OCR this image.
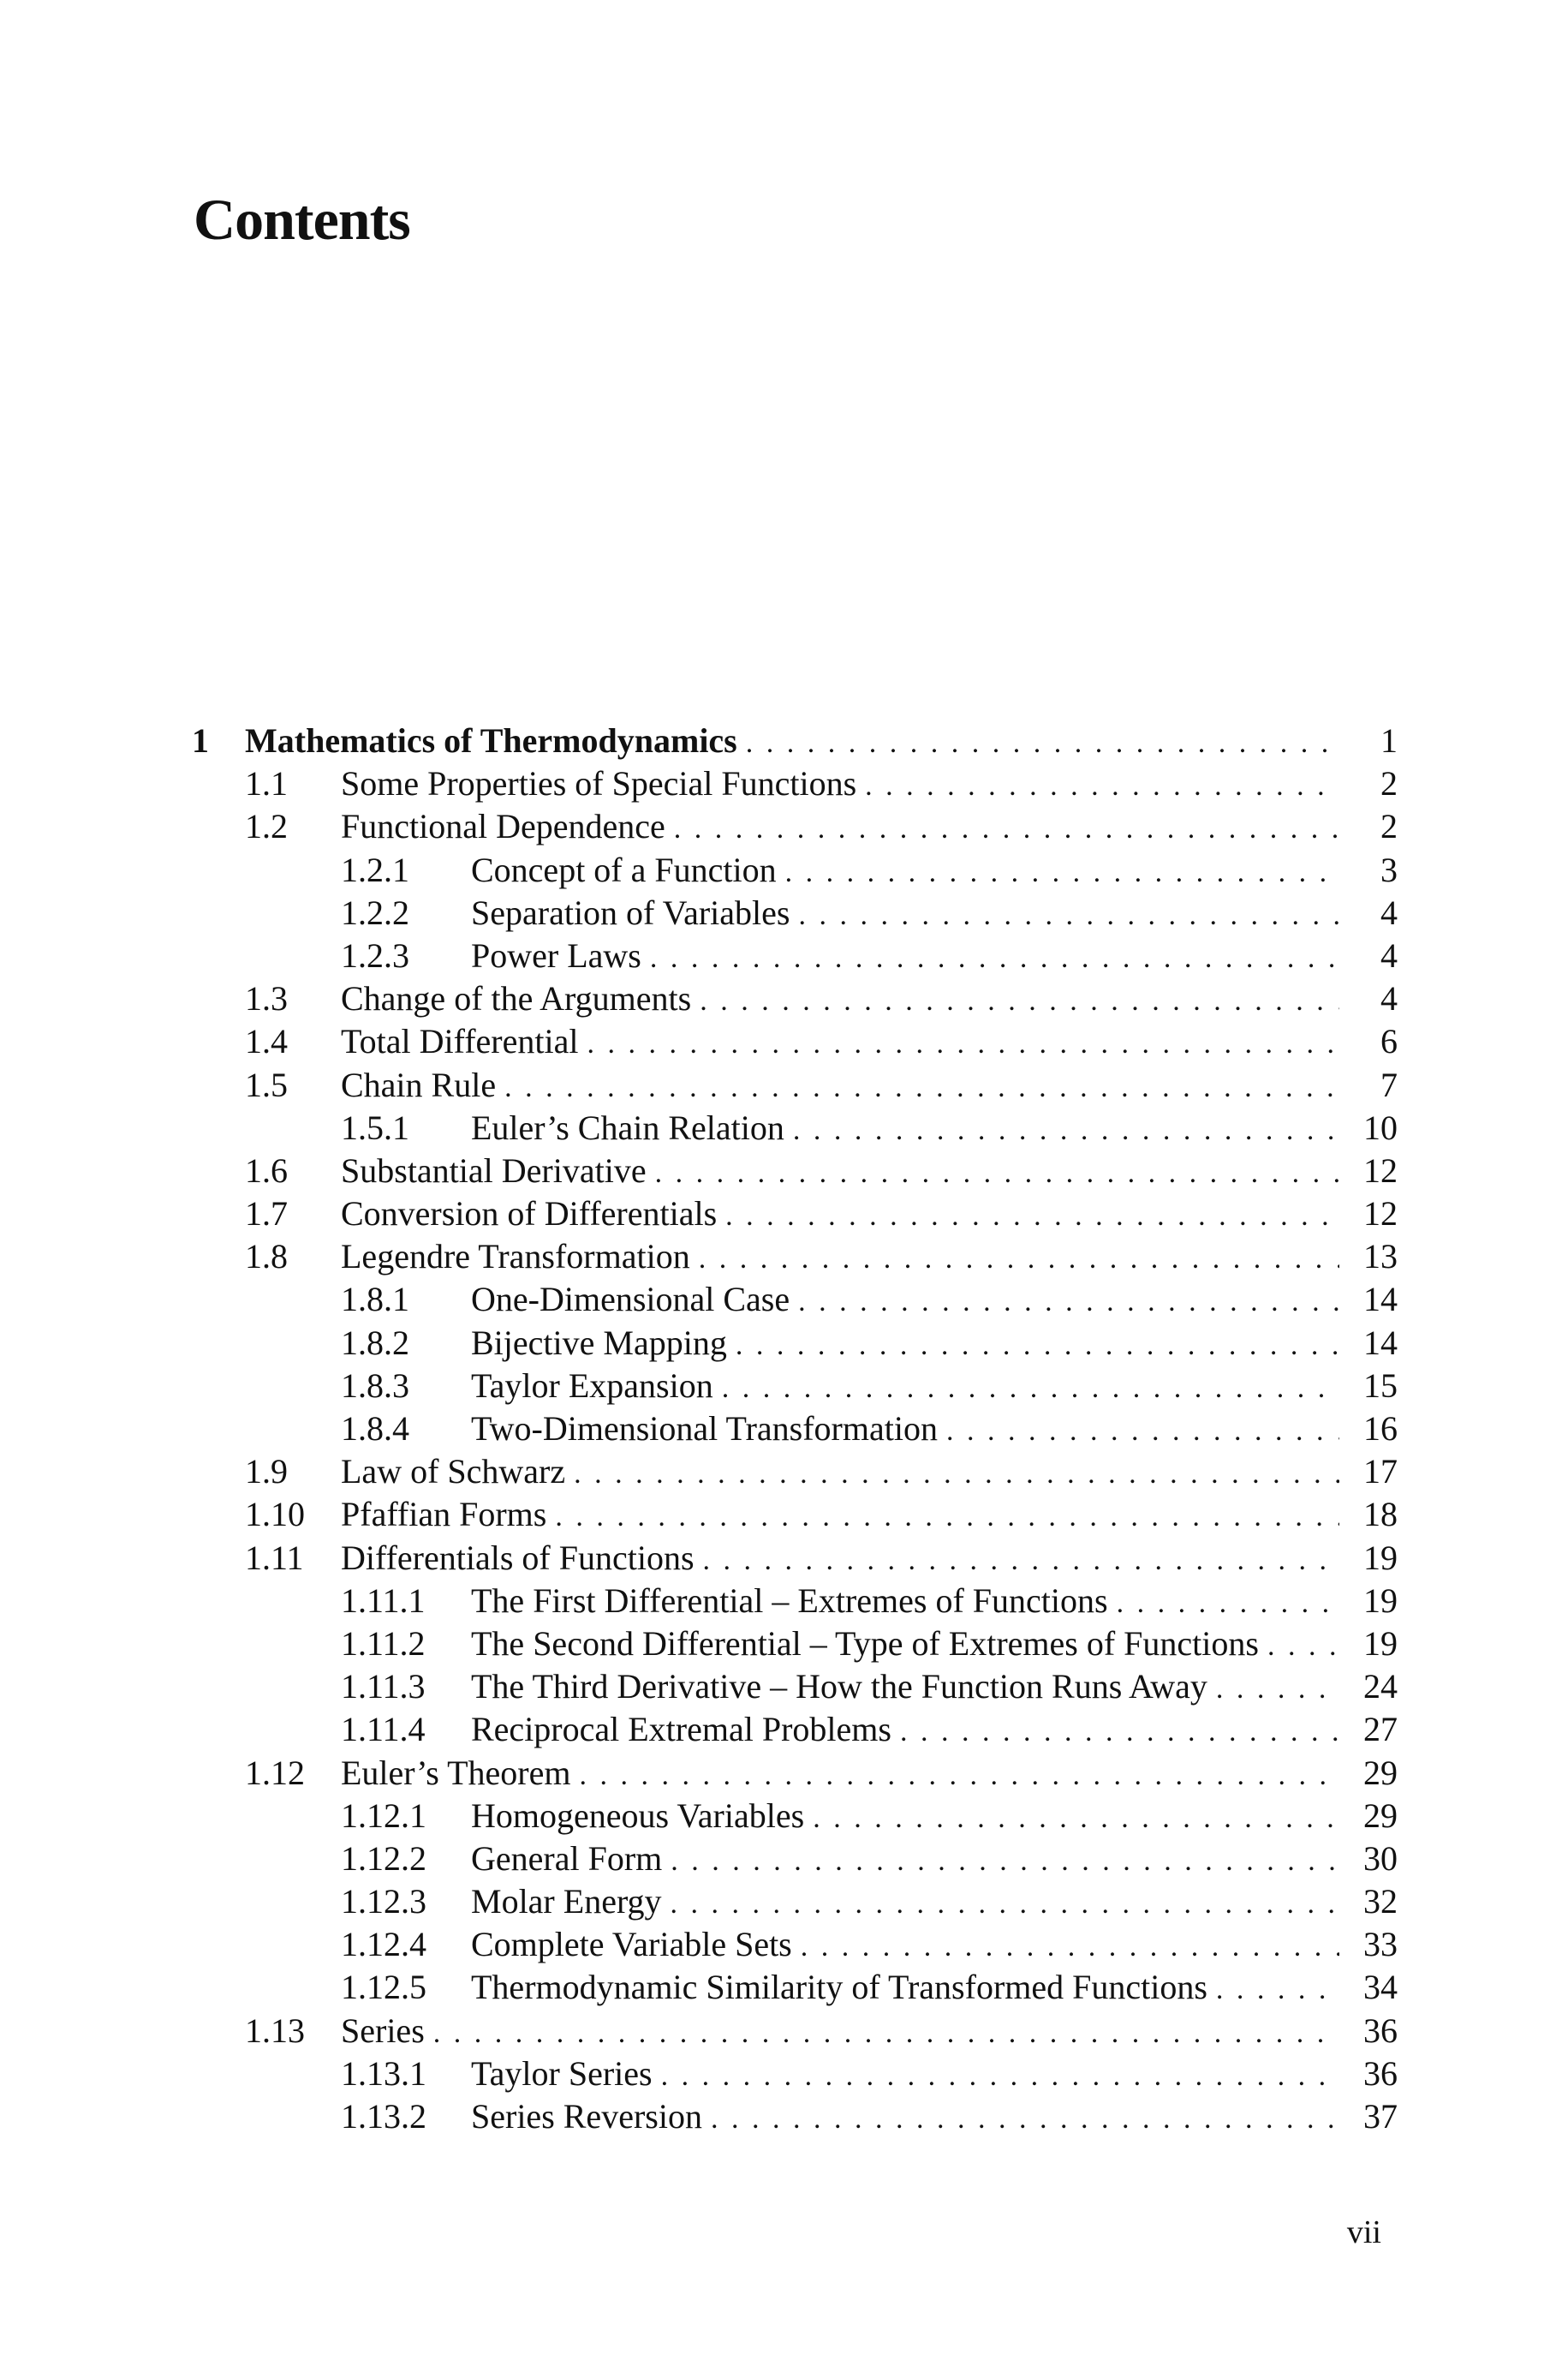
Contents
1 Mathematics of Thermodynamics . . .	1
1.1 Some Properties of Special Functions . . .	2
1.2 Functional Dependence . . .	2
1.2.1 Concept of a Function . . .	3
1.2.2 Separation of Variables . . .	4
1.2.3 Power Laws . . .	4
1.3 Change of the Arguments . . .	4
1.4 Total Differential . . .	6
1.5 Chain Rule . . .	7
1.5.1 Euler’s Chain Relation . . .	10
1.6 Substantial Derivative . . .	12
1.7 Conversion of Differentials . . .	12
1.8 Legendre Transformation . . .	13
1.8.1 One-Dimensional Case . . .	14
1.8.2 Bijective Mapping . . .	14
1.8.3 Taylor Expansion . . .	15
1.8.4 Two-Dimensional Transformation . . .	16
1.9 Law of Schwarz . . .	17
1.10 Pfaffian Forms . . .	18
1.11 Differentials of Functions . . .	19
1.11.1 The First Differential – Extremes of Functions . . .	19
1.11.2 The Second Differential – Type of Extremes of Functions . . .	19
1.11.3 The Third Derivative – How the Function Runs Away . . .	24
1.11.4 Reciprocal Extremal Problems . . .	27
1.12 Euler’s Theorem . . .	29
1.12.1 Homogeneous Variables . . .	29
1.12.2 General Form . . .	30
1.12.3 Molar Energy . . .	32
1.12.4 Complete Variable Sets . . .	33
1.12.5 Thermodynamic Similarity of Transformed Functions . . .	34
1.13 Series . . .	36
1.13.1 Taylor Series . . .	36
1.13.2 Series Reversion . . .	37
vii
